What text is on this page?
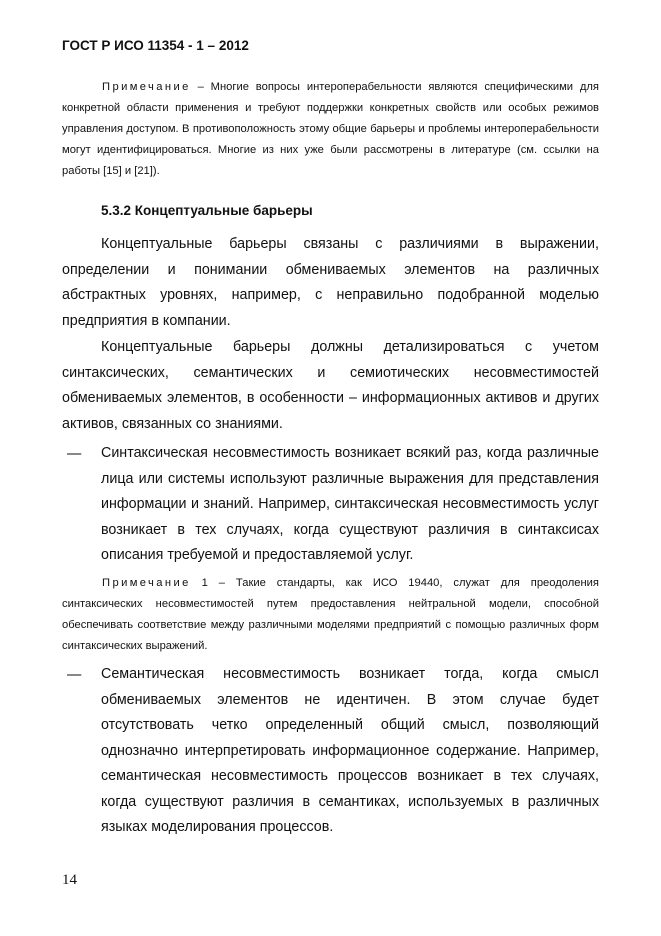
ГОСТ Р ИСО 11354 - 1 – 2012
Примечание – Многие вопросы интероперабельности являются специфическими для конкретной области применения и требуют поддержки конкретных свойств или особых режимов управления доступом. В противоположность этому общие барьеры и проблемы интероперабельности могут идентифицироваться. Многие из них уже были рассмотрены в литературе (см. ссылки на работы [15] и [21]).
5.3.2 Концептуальные барьеры
Концептуальные барьеры связаны с различиями в выражении, определении и понимании обмениваемых элементов на различных абстрактных уровнях, например, с неправильно подобранной моделью предприятия в компании.
Концептуальные барьеры должны детализироваться с учетом синтаксических, семантических и семиотических несовместимостей обмениваемых элементов, в особенности – информационных активов и других активов, связанных со знаниями.
— Синтаксическая несовместимость возникает всякий раз, когда различные лица или системы используют различные выражения для представления информации и знаний. Например, синтаксическая несовместимость услуг возникает в тех случаях, когда существуют различия в синтаксисах описания требуемой и предоставляемой услуг.
Примечание 1 – Такие стандарты, как ИСО 19440, служат для преодоления синтаксических несовместимостей путем предоставления нейтральной модели, способной обеспечивать соответствие между различными моделями предприятий с помощью различных форм синтаксических выражений.
— Семантическая несовместимость возникает тогда, когда смысл обмениваемых элементов не идентичен. В этом случае будет отсутствовать четко определенный общий смысл, позволяющий однозначно интерпретировать информационное содержание. Например, семантическая несовместимость процессов возникает в тех случаях, когда существуют различия в семантиках, используемых в различных языках моделирования процессов.
14
